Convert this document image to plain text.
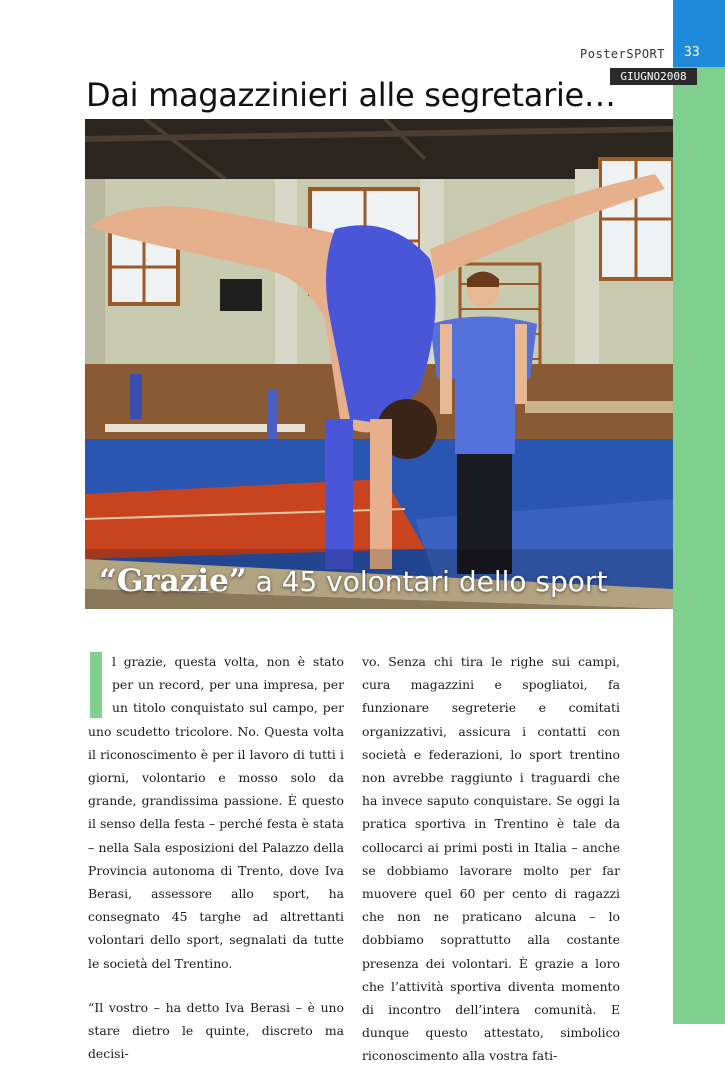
33
PosterSPORT
GIUGNO2008
Dai magazzinieri alle segretarie…
“Grazie” a 45 volontari dello sport

l grazie, questa volta, non è stato per un record, per una impresa, per un titolo conquistato sul campo, per uno scudetto tricolore. No. Questa volta il riconoscimento è per il lavoro di tutti i giorni, volontario e mosso solo da grande, grandissima passione. È questo il senso della festa – perché festa è stata – nella Sala esposizioni del Palazzo della Provincia autonoma di Trento, dove Iva Berasi, assessore allo sport, ha consegnato 45 targhe ad altrettanti volontari dello sport, segnalati da tutte le società del Trentino.

“Il vostro – ha detto Iva Berasi – è uno stare dietro le quinte, discreto ma decisi-

vo. Senza chi tira le righe sui campi, cura magazzini e spogliatoi, fa funzionare segreterie e comitati organizzativi, assicura i contatti con società e federazioni, lo sport trentino non avrebbe raggiunto i traguardi che ha invece saputo conquistare. Se oggi la pratica sportiva in Trentino è tale da collocarci ai primi posti in Italia – anche se dobbiamo lavorare molto per far muovere quel 60 per cento di ragazzi che non ne praticano alcuna – lo dobbiamo soprattutto alla costante presenza dei volontari. È grazie a loro che l’attività sportiva diventa momento di incontro dell’intera comunità. E dunque questo attestato, simbolico riconoscimento alla vostra fati-
